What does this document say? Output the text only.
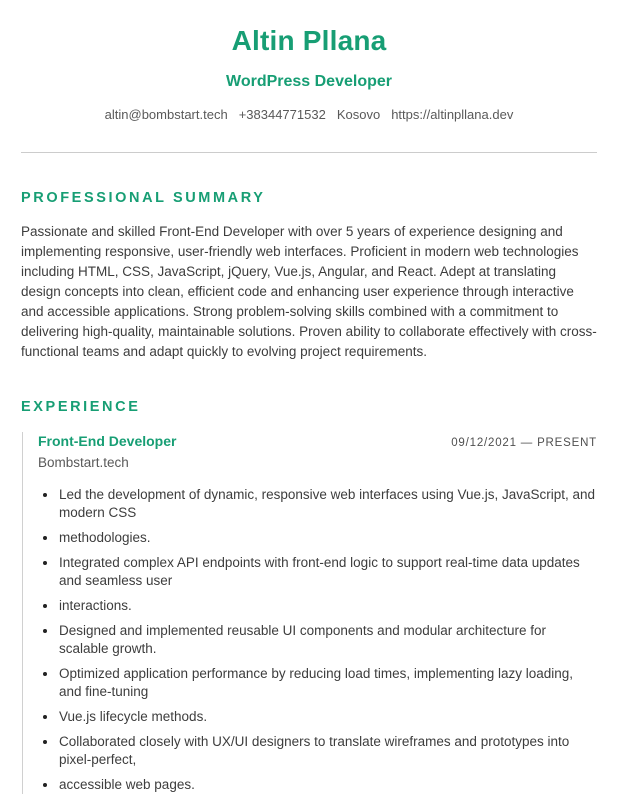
Altin Pllana
WordPress Developer
altin@bombstart.tech +38344771532 Kosovo https://altinpllana.dev
PROFESSIONAL SUMMARY

Passionate and skilled Front-End Developer with over 5 years of experience designing and implementing responsive, user-friendly web interfaces. Proficient in modern web technologies including HTML, CSS, JavaScript, jQuery, Vue.js, Angular, and React. Adept at translating design concepts into clean, efficient code and enhancing user experience through interactive and accessible applications. Strong problem-solving skills combined with a commitment to delivering high-quality, maintainable solutions. Proven ability to collaborate effectively with cross-functional teams and adapt quickly to evolving project requirements.

EXPERIENCE
Front-End Developer	09/12/2021 — PRESENT
Bombstart.tech
Led the development of dynamic, responsive web interfaces using Vue.js, JavaScript, and modern CSS
methodologies.
Integrated complex API endpoints with front-end logic to support real-time data updates and seamless user
interactions.
Designed and implemented reusable UI components and modular architecture for scalable growth.
Optimized application performance by reducing load times, implementing lazy loading, and fine-tuning
Vue.js lifecycle methods.
Collaborated closely with UX/UI designers to translate wireframes and prototypes into pixel-perfect,
accessible web pages.
